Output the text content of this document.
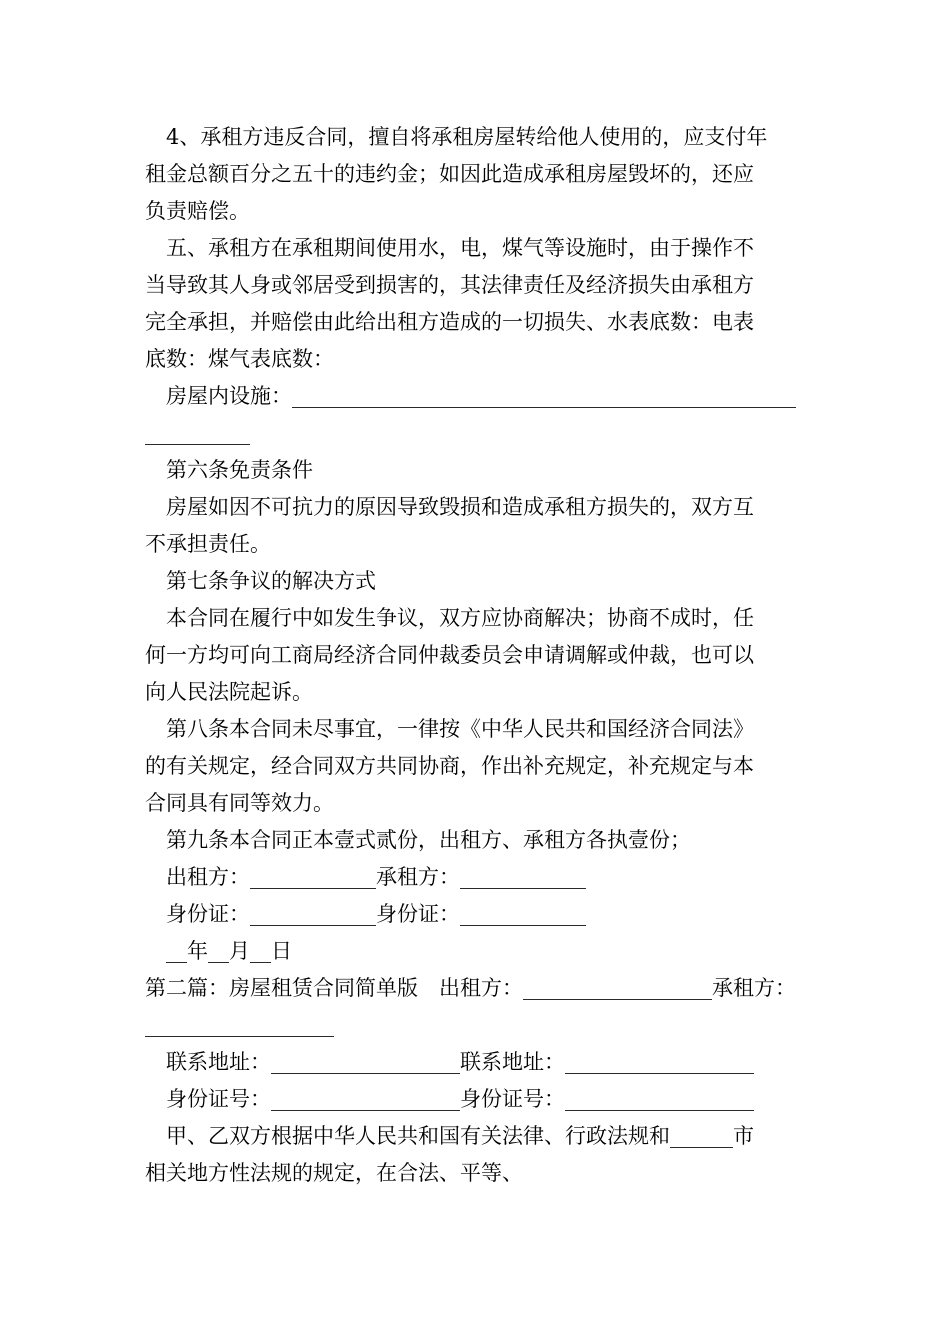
4、承租方违反合同，擅自将承租房屋转给他人使用的，应支付年
租金总额百分之五十的违约金；如因此造成承租房屋毁坏的，还应
负责赔偿。
五、承租方在承租期间使用水，电，煤气等设施时，由于操作不
当导致其人身或邻居受到损害的，其法律责任及经济损失由承租方
完全承担，并赔偿由此给出租方造成的一切损失、水表底数：电表
底数：煤气表底数：
房屋内设施：________________________________________________
__________
第六条免责条件
房屋如因不可抗力的原因导致毁损和造成承租方损失的，双方互
不承担责任。
第七条争议的解决方式
本合同在履行中如发生争议，双方应协商解决；协商不成时，任
何一方均可向工商局经济合同仲裁委员会申请调解或仲裁，也可以
向人民法院起诉。
第八条本合同未尽事宜，一律按《中华人民共和国经济合同法》
的有关规定，经合同双方共同协商，作出补充规定，补充规定与本
合同具有同等效力。
第九条本合同正本壹式贰份，出租方、承租方各执壹份；
出租方：____________承租方：____________
身份证：____________身份证：____________
__年__月__日
第二篇：房屋租赁合同简单版　出租方：__________________承租方：
__________________
联系地址：__________________联系地址：__________________
身份证号：__________________身份证号：__________________
甲、乙双方根据中华人民共和国有关法律、行政法规和______市
相关地方性法规的规定，在合法、平等、
